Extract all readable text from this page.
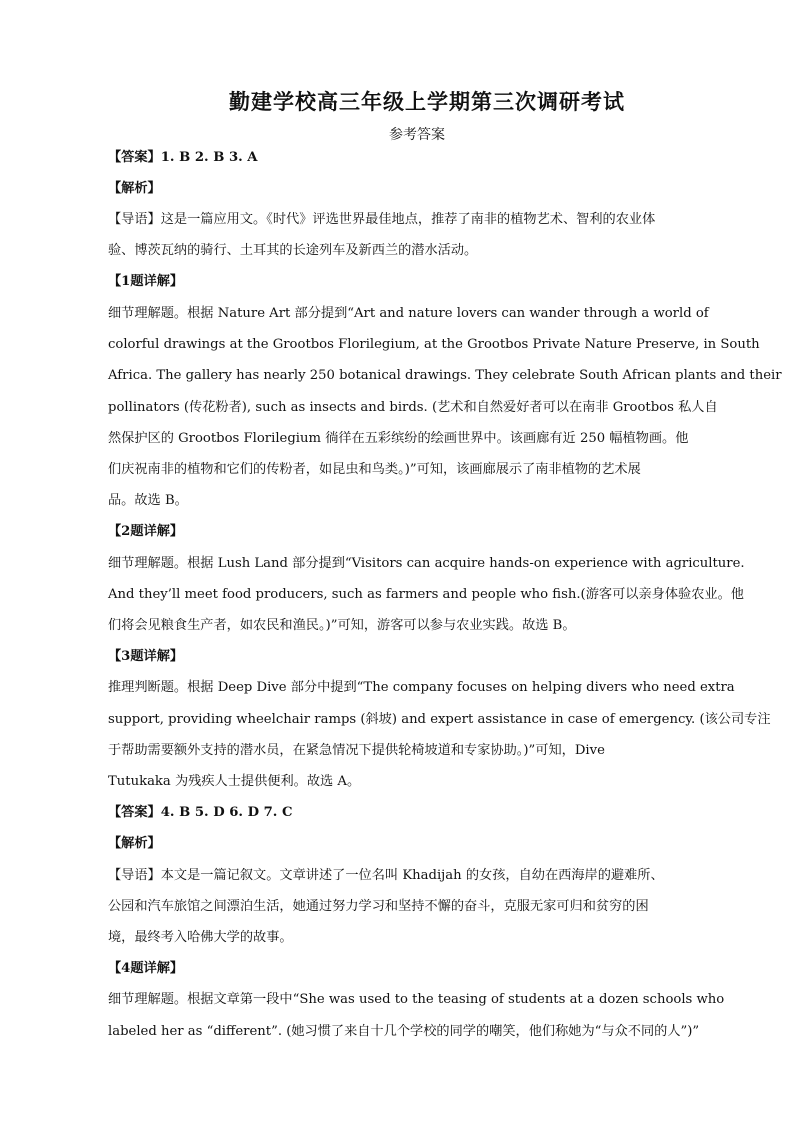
勤建学校高三年级上学期第三次调研考试
参考答案
【答案】1. B 2. B 3. A
【解析】
【导语】这是一篇应用文。《时代》评选世界最佳地点，推荐了南非的植物艺术、智利的农业体
验、博茨瓦纳的骑行、土耳其的长途列车及新西兰的潜水活动。
【1题详解】
细节理解题。根据 Nature Art 部分提到“Art and nature lovers can wander through a world of
colorful drawings at the Grootbos Florilegium, at the Grootbos Private Nature Preserve, in South
Africa. The gallery has nearly 250 botanical drawings. They celebrate South African plants and their
pollinators (传花粉者), such as insects and birds. (艺术和自然爱好者可以在南非 Grootbos 私人自
然保护区的 Grootbos Florilegium 徜徉在五彩缤纷的绘画世界中。该画廊有近 250 幅植物画。他
们庆祝南非的植物和它们的传粉者，如昆虫和鸟类。)”可知，该画廊展示了南非植物的艺术展
品。故选 B。
【2题详解】
细节理解题。根据 Lush Land 部分提到“Visitors can acquire hands-on experience with agriculture.
And they’ll meet food producers, such as farmers and people who fish.(游客可以亲身体验农业。他
们将会见粮食生产者，如农民和渔民。)”可知，游客可以参与农业实践。故选 B。
【3题详解】
推理判断题。根据 Deep Dive 部分中提到“The company focuses on helping divers who need extra
support, providing wheelchair ramps (斜坡) and expert assistance in case of emergency. (该公司专注
于帮助需要额外支持的潜水员，在紧急情况下提供轮椅坡道和专家协助。)”可知，Dive
Tutukaka 为残疾人士提供便利。故选 A。
【答案】4. B 5. D 6. D 7. C
【解析】
【导语】本文是一篇记叙文。文章讲述了一位名叫 Khadijah 的女孩，自幼在西海岸的避难所、
公园和汽车旅馆之间漂泊生活，她通过努力学习和坚持不懈的奋斗，克服无家可归和贫穷的困
境，最终考入哈佛大学的故事。
【4题详解】
细节理解题。根据文章第一段中“She was used to the teasing of students at a dozen schools who
labeled her as “different”. (她习惯了来自十几个学校的同学的嘲笑，他们称她为“与众不同的人”)”
